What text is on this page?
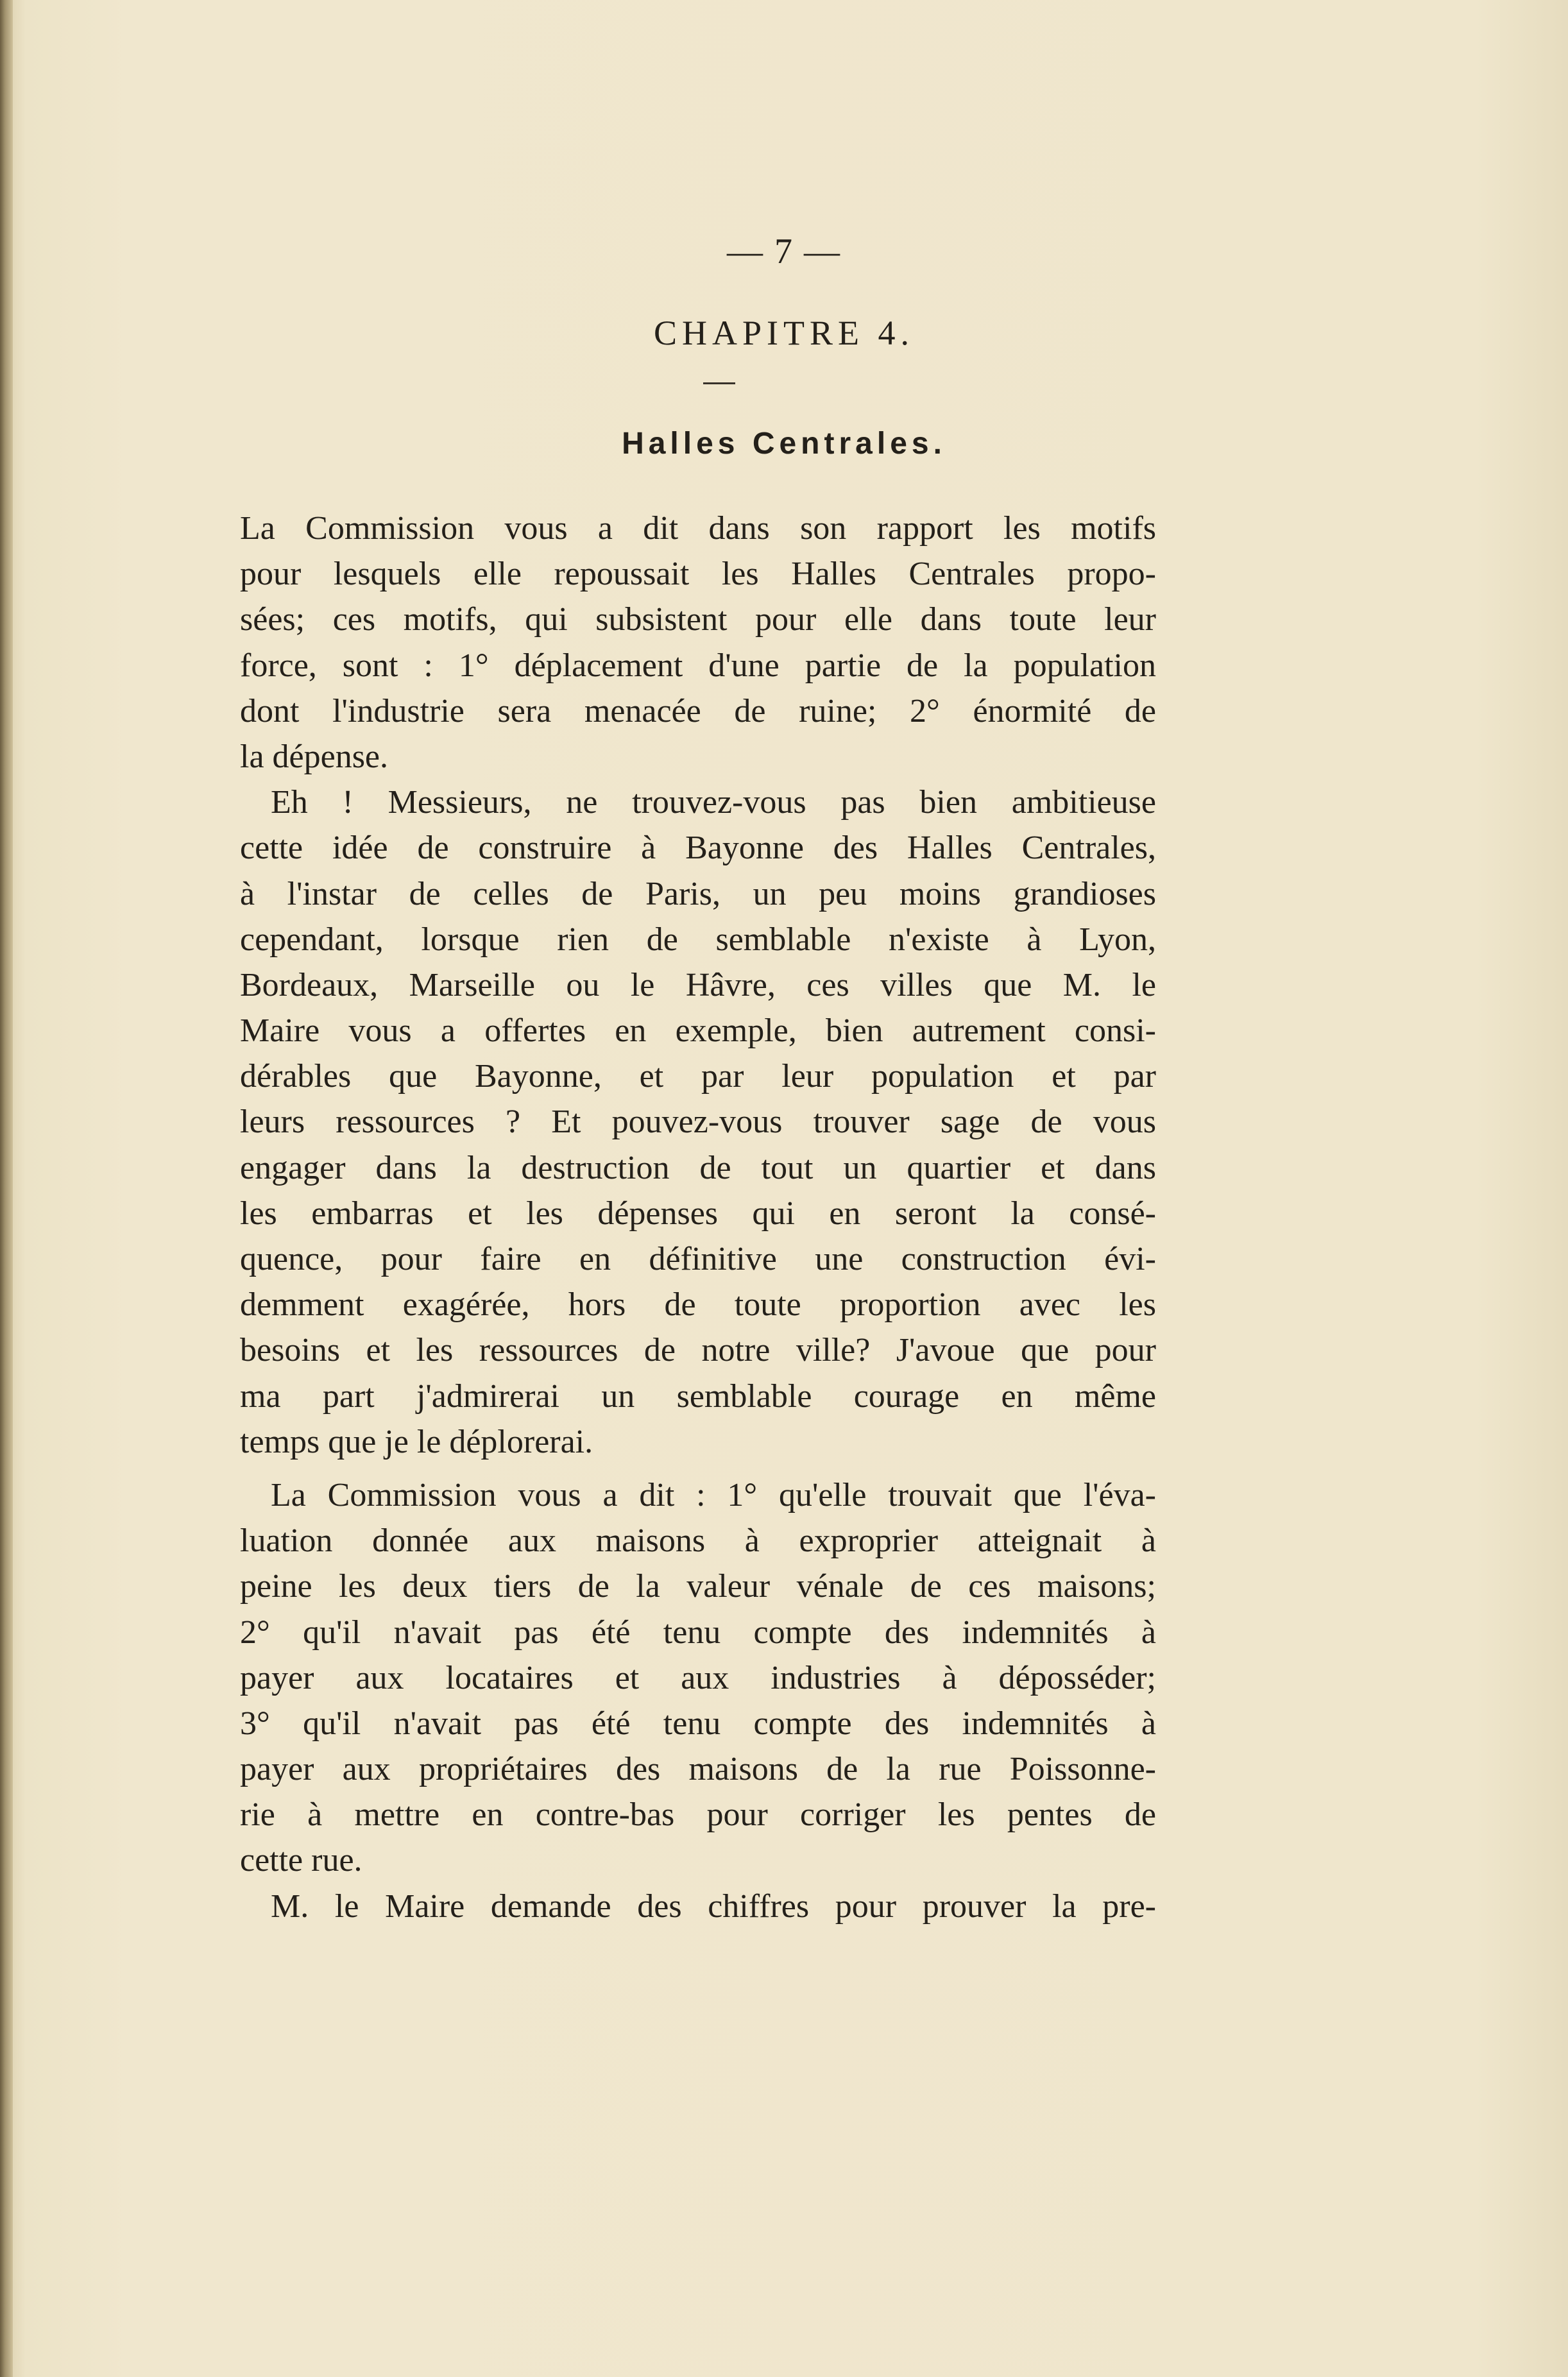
— 7 —
CHAPITRE 4.
Halles Centrales.
La Commission vous a dit dans son rapport les motifs
pour lesquels elle repoussait les Halles Centrales propo-
sées; ces motifs, qui subsistent pour elle dans toute leur
force, sont : 1° déplacement d'une partie de la population
dont l'industrie sera menacée de ruine; 2° énormité de
la dépense.
Eh ! Messieurs, ne trouvez-vous pas bien ambitieuse
cette idée de construire à Bayonne des Halles Centrales,
à l'instar de celles de Paris, un peu moins grandioses
cependant, lorsque rien de semblable n'existe à Lyon,
Bordeaux, Marseille ou le Hâvre, ces villes que M. le
Maire vous a offertes en exemple, bien autrement consi-
dérables que Bayonne, et par leur population et par
leurs ressources ? Et pouvez-vous trouver sage de vous
engager dans la destruction de tout un quartier et dans
les embarras et les dépenses qui en seront la consé-
quence, pour faire en définitive une construction évi-
demment exagérée, hors de toute proportion avec les
besoins et les ressources de notre ville? J'avoue que pour
ma part j'admirerai un semblable courage en même
temps que je le déplorerai.
La Commission vous a dit : 1° qu'elle trouvait que l'éva-
luation donnée aux maisons à exproprier atteignait à
peine les deux tiers de la valeur vénale de ces maisons;
2° qu'il n'avait pas été tenu compte des indemnités à
payer aux locataires et aux industries à déposséder;
3° qu'il n'avait pas été tenu compte des indemnités à
payer aux propriétaires des maisons de la rue Poissonne-
rie à mettre en contre-bas pour corriger les pentes de
cette rue.
M. le Maire demande des chiffres pour prouver la pre-
